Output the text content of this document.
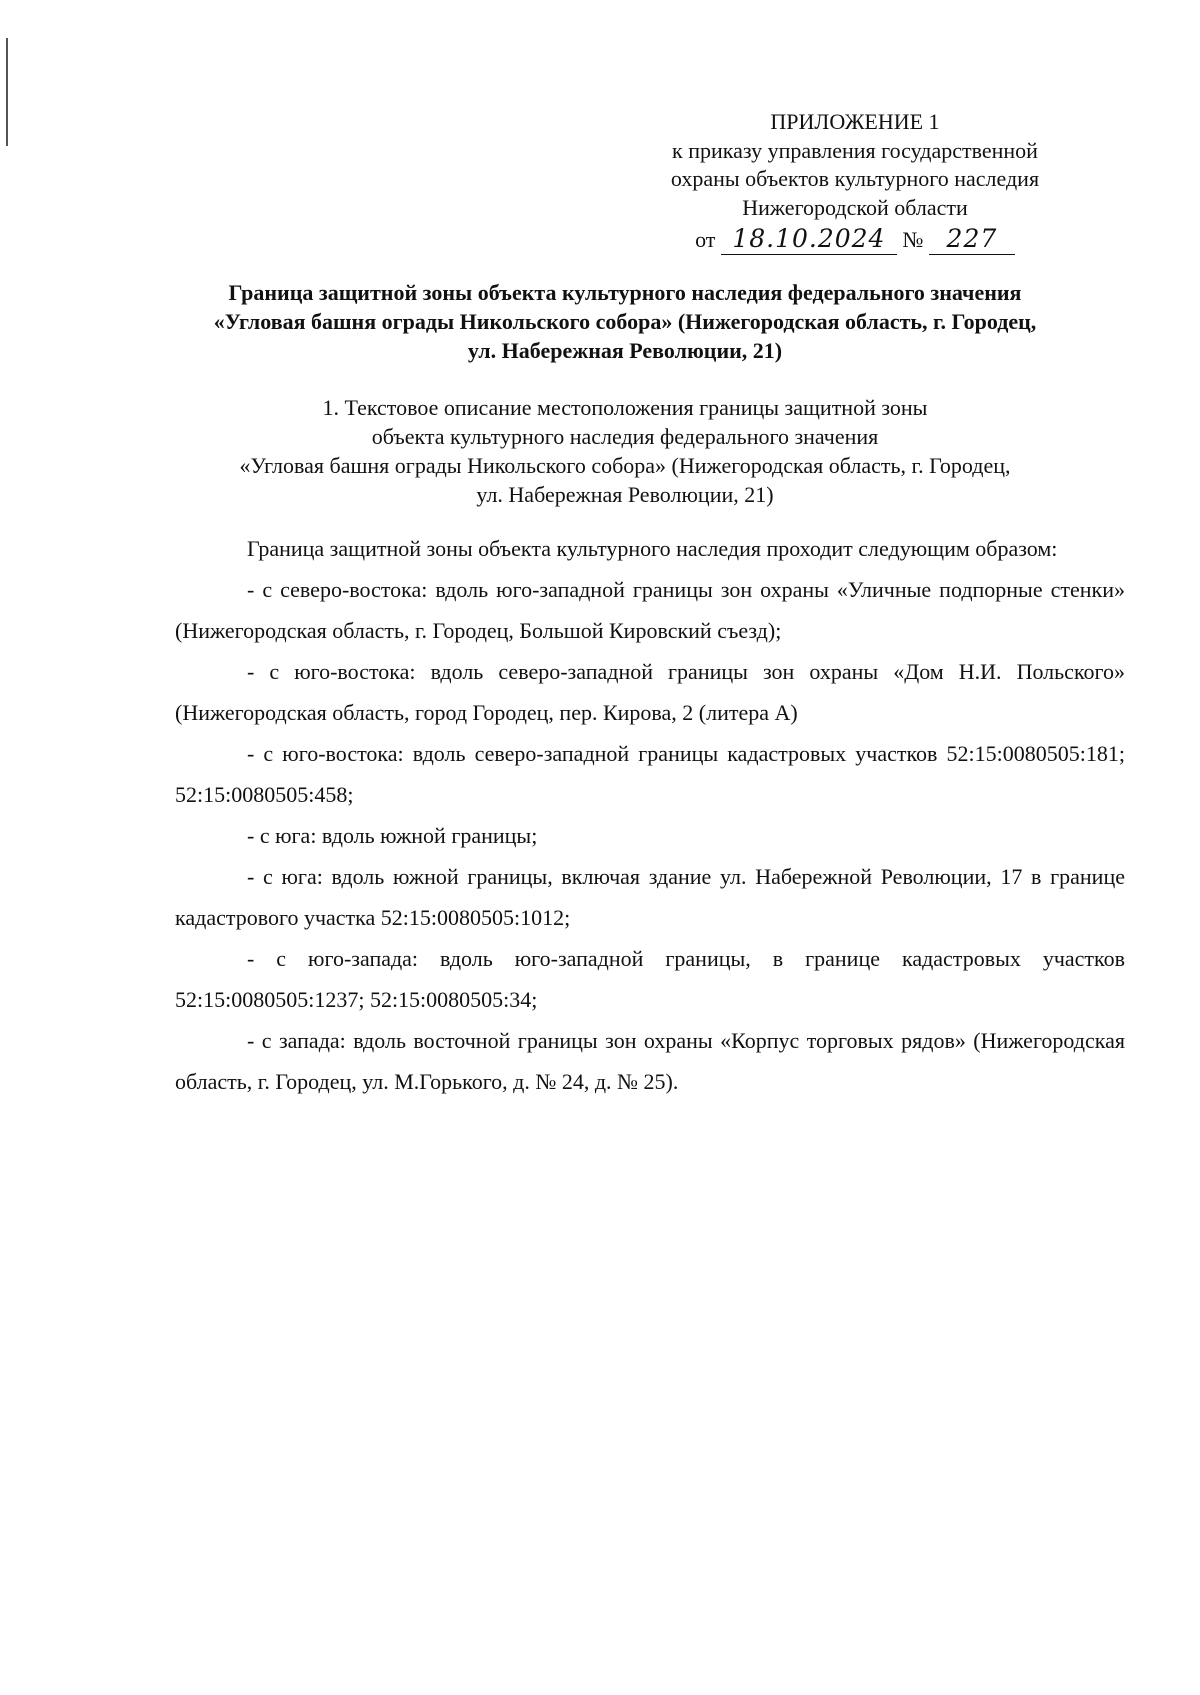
ПРИЛОЖЕНИЕ 1
к приказу управления государственной
охраны объектов культурного наследия
Нижегородской области
от 18.10.2024 № 227
Граница защитной зоны объекта культурного наследия федерального значения
«Угловая башня ограды Никольского собора» (Нижегородская область, г. Городец,
ул. Набережная Революции, 21)
1. Текстовое описание местоположения границы защитной зоны
объекта культурного наследия федерального значения
«Угловая башня ограды Никольского собора» (Нижегородская область, г. Городец,
ул. Набережная Революции, 21)

Граница защитной зоны объекта культурного наследия проходит следующим образом:

- с северо-востока: вдоль юго-западной границы зон охраны «Уличные подпорные стенки» (Нижегородская область, г. Городец, Большой Кировский съезд);

- с юго-востока: вдоль северо-западной границы зон охраны «Дом Н.И. Польского» (Нижегородская область, город Городец, пер. Кирова, 2 (литера А)

- с юго-востока: вдоль северо-западной границы кадастровых участков 52:15:0080505:181; 52:15:0080505:458;

- с юга: вдоль южной границы;

- с юга: вдоль южной границы, включая здание ул. Набережной Революции, 17 в границе кадастрового участка 52:15:0080505:1012;

- с юго-запада: вдоль юго-западной границы, в границе кадастровых участков 52:15:0080505:1237; 52:15:0080505:34;

- с запада: вдоль восточной границы зон охраны «Корпус торговых рядов» (Нижегородская область, г. Городец, ул. М.Горького, д. № 24, д. № 25).
